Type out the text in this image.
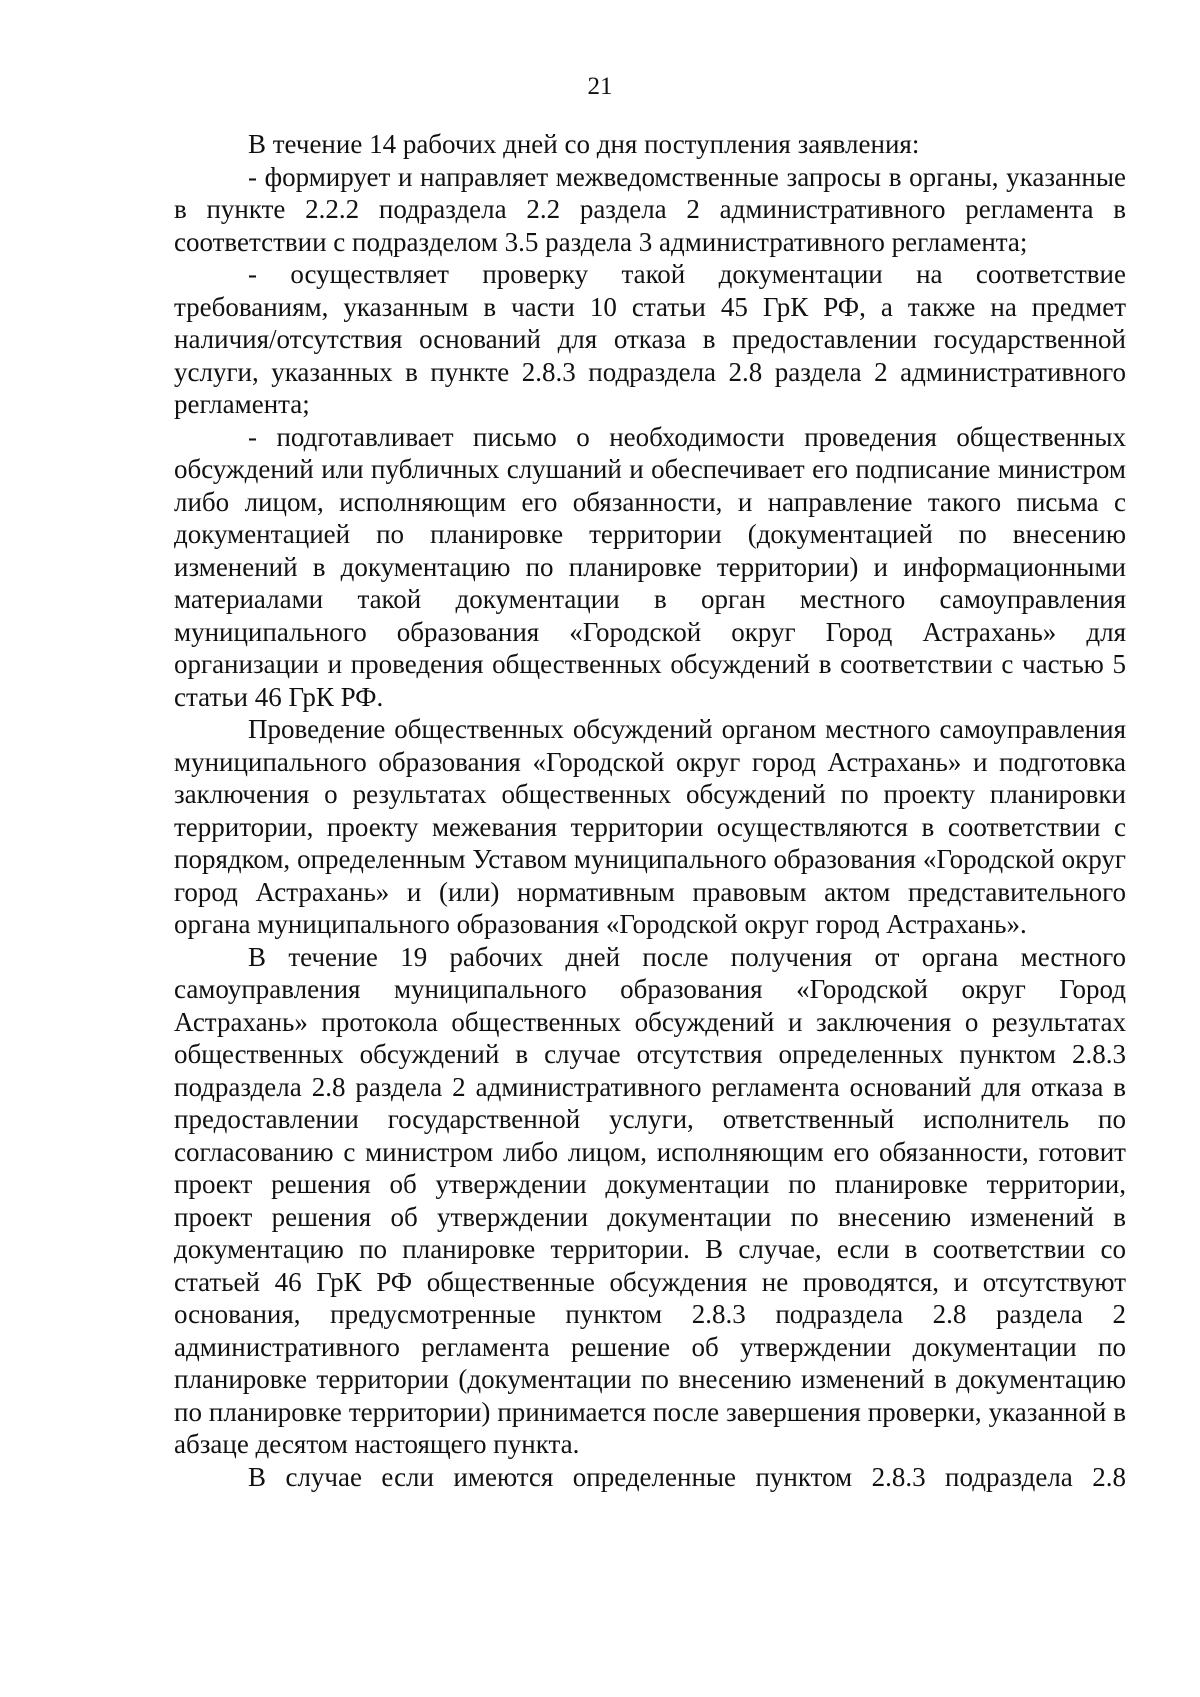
21

В течение 14 рабочих дней со дня поступления заявления:

- формирует и направляет межведомственные запросы в органы, указанные в пункте 2.2.2 подраздела 2.2 раздела 2 административного регламента в соответствии с подразделом 3.5 раздела 3 административного регламента;

- осуществляет проверку такой документации на соответствие требованиям, указанным в части 10 статьи 45 ГрК РФ, а также на предмет наличия/отсутствия оснований для отказа в предоставлении государственной услуги, указанных в пункте 2.8.3 подраздела 2.8 раздела 2 административного регламента;

- подготавливает письмо о необходимости проведения общественных обсуждений или публичных слушаний и обеспечивает его подписание министром либо лицом, исполняющим его обязанности, и направление такого письма с документацией по планировке территории (документацией по внесению изменений в документацию по планировке территории) и информационными материалами такой документации в орган местного самоуправления муниципального образования «Городской округ Город Астрахань» для организации и проведения общественных обсуждений в соответствии с частью 5 статьи 46 ГрК РФ.

Проведение общественных обсуждений органом местного самоуправления муниципального образования «Городской округ город Астрахань» и подготовка заключения о результатах общественных обсуждений по проекту планировки территории, проекту межевания территории осуществляются в соответствии с порядком, определенным Уставом муниципального образования «Городской округ город Астрахань» и (или) нормативным правовым актом представительного органа муниципального образования «Городской округ город Астрахань».

В течение 19 рабочих дней после получения от органа местного самоуправления муниципального образования «Городской округ Город Астрахань» протокола общественных обсуждений и заключения о результатах общественных обсуждений в случае отсутствия определенных пунктом 2.8.3 подраздела 2.8 раздела 2 административного регламента оснований для отказа в предоставлении государственной услуги, ответственный исполнитель по согласованию с министром либо лицом, исполняющим его обязанности, готовит проект решения об утверждении документации по планировке территории, проект решения об утверждении документации по внесению изменений в документацию по планировке территории. В случае, если в соответствии со статьей 46 ГрК РФ общественные обсуждения не проводятся, и отсутствуют основания, предусмотренные пунктом 2.8.3 подраздела 2.8 раздела 2 административного регламента решение об утверждении документации по планировке территории (документации по внесению изменений в документацию по планировке территории) принимается после завершения проверки, указанной в абзаце десятом настоящего пункта.

В случае если имеются определенные пунктом 2.8.3 подраздела 2.8
